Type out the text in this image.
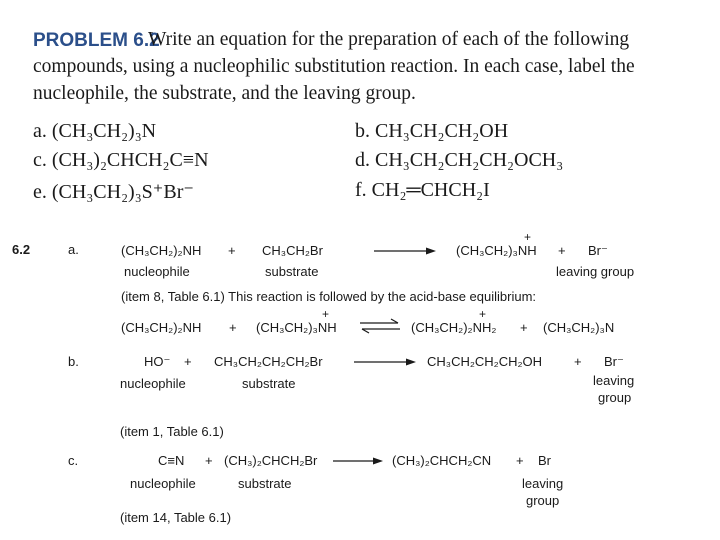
PROBLEM 6.2
Write an equation for the preparation of each of the following
compounds, using a nucleophilic substitution reaction. In each case, label the
nucleophile, the substrate, and the leaving group.
a. (CH₃CH₂)₃N	b. CH₃CH₂CH₂OH
c. (CH₃)₂CHCH₂C≡N	d. CH₃CH₂CH₂CH₂OCH₃
e. (CH₃CH₂)₃S⁺Br⁻	f. CH₂═CHCH₂I
6.2	a.	(CH₃CH₂)₂NH + CH₃CH₂Br	(CH₃CH₂)₃NH
+
+ Br⁻
nucleophile	substrate	leaving group
(item 8, Table 6.1) This reaction is followed by the acid-base equilibrium:
(CH₃CH₂)₂NH + (CH₃CH₂)₃NH
+
(CH₃CH₂)₂NH₂
+
+ (CH₃CH₂)₃N
b.	HO⁻ + CH₃CH₂CH₂CH₂Br	CH₃CH₂CH₂CH₂OH + Br⁻
nucleophile	substrate	leaving
group
(item 1, Table 6.1)
c.	C≡N + (CH₃)₂CHCH₂Br	(CH₃)₂CHCH₂CN + Br
nucleophile	substrate	leaving
group
(item 14, Table 6.1)
